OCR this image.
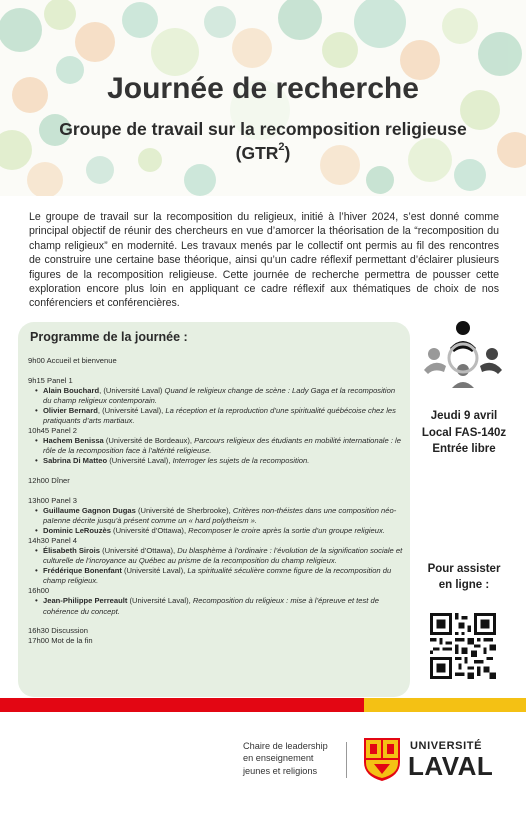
Journée de recherche
Groupe de travail sur la recomposition religieuse
(GTR$^2$)

Le groupe de travail sur la recomposition du religieux, initié à l’hiver 2024, s’est donné comme principal objectif de réunir des chercheurs en vue d’amorcer la théorisation de la “recomposition du champ religieux” en modernité. Les travaux menés par le collectif ont permis au fil des rencontres de construire une certaine base théorique, ainsi qu’un cadre réflexif permettant d’éclairer plusieurs figures de la recomposition religieuse. Cette journée de recherche permettra de pousser cette exploration encore plus loin en appliquant ce cadre réflexif aux thématiques de choix de nos conférenciers et conférencières.

Programme de la journée :
9h00 Accueil et bienvenue
9h15 Panel 1
• Alain Bouchard, (Université Laval) Quand le religieux change de scène : Lady Gaga et la recomposition du champ religieux contemporain.
• Olivier Bernard, (Université Laval), La réception et la reproduction d’une spiritualité québécoise chez les pratiquants d’arts martiaux.
10h45 Panel 2
• Hachem Benissa (Université de Bordeaux), Parcours religieux des étudiants en mobilité internationale : le rôle de la recomposition face à l’altérité religieuse.
• Sabrina Di Matteo (Université Laval), Interroger les sujets de la recomposition.
12h00 Dîner
13h00 Panel 3
• Guillaume Gagnon Dugas (Université de Sherbrooke), Critères non-théistes dans une composition néo-païenne décrite jusqu’à présent comme un « hard polytheism ».
• Dominic LeRouzès (Université d’Ottawa), Recomposer le croire après la sortie d’un groupe religieux.
14h30 Panel 4
• Élisabeth Sirois (Université d’Ottawa), Du blasphème à l’ordinaire : l’évolution de la signification sociale et culturelle de l’incroyance au Québec au prisme de la recomposition du champ religieux.
• Frédérique Bonenfant (Université Laval), La spiritualité séculière comme figure de la recomposition du champ religieux.
16h00
• Jean-Philippe Perreault (Université Laval), Recomposition du religieux : mise à l’épreuve et test de cohérence du concept.
16h30 Discussion
17h00 Mot de la fin
Jeudi 9 avril
Local FAS-140z
Entrée libre
Pour assister
en ligne :
Chaire de leadership
en enseignement
jeunes et religions
UNIVERSITÉ
LAVAL
